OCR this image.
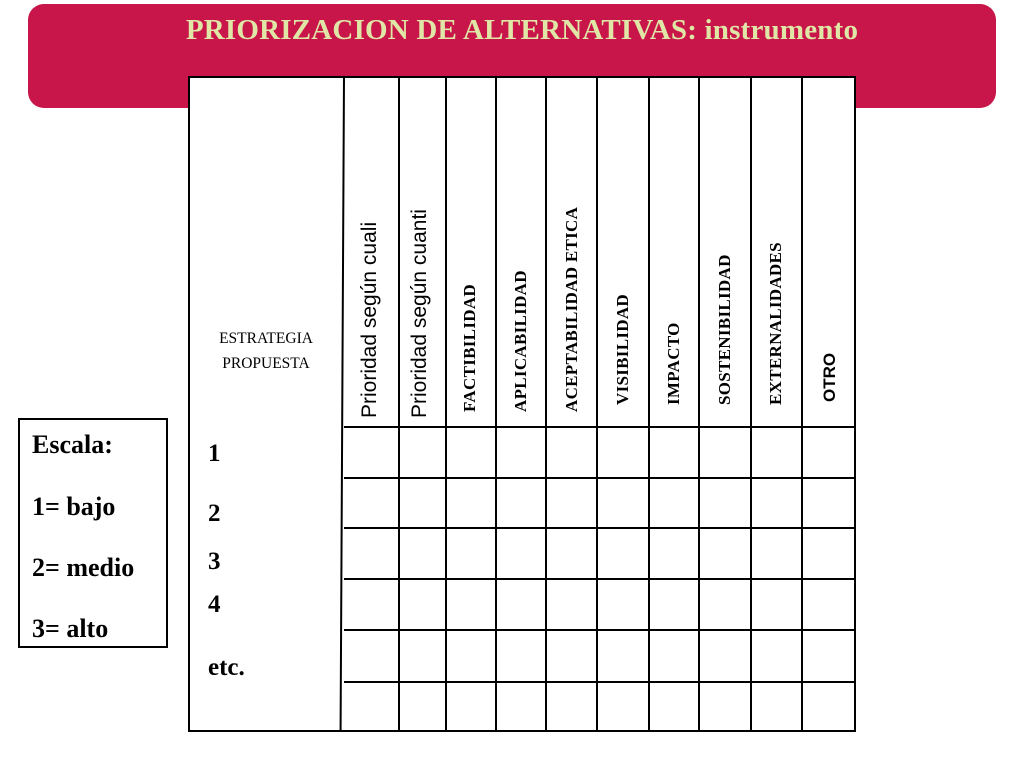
PRIORIZACION DE ALTERNATIVAS: instrumento
ESTRATEGIA
PROPUESTA	Prioridad según cuali Prioridad según cuanti FACTIBILIDAD APLICABILIDAD ACEPTABILIDAD ETICA VISIBILIDAD IMPACTO SOSTENIBILIDAD EXTERNALIDADES OTRO
1
2
3
4
etc.
Escala:
1= bajo
2= medio
3= alto
